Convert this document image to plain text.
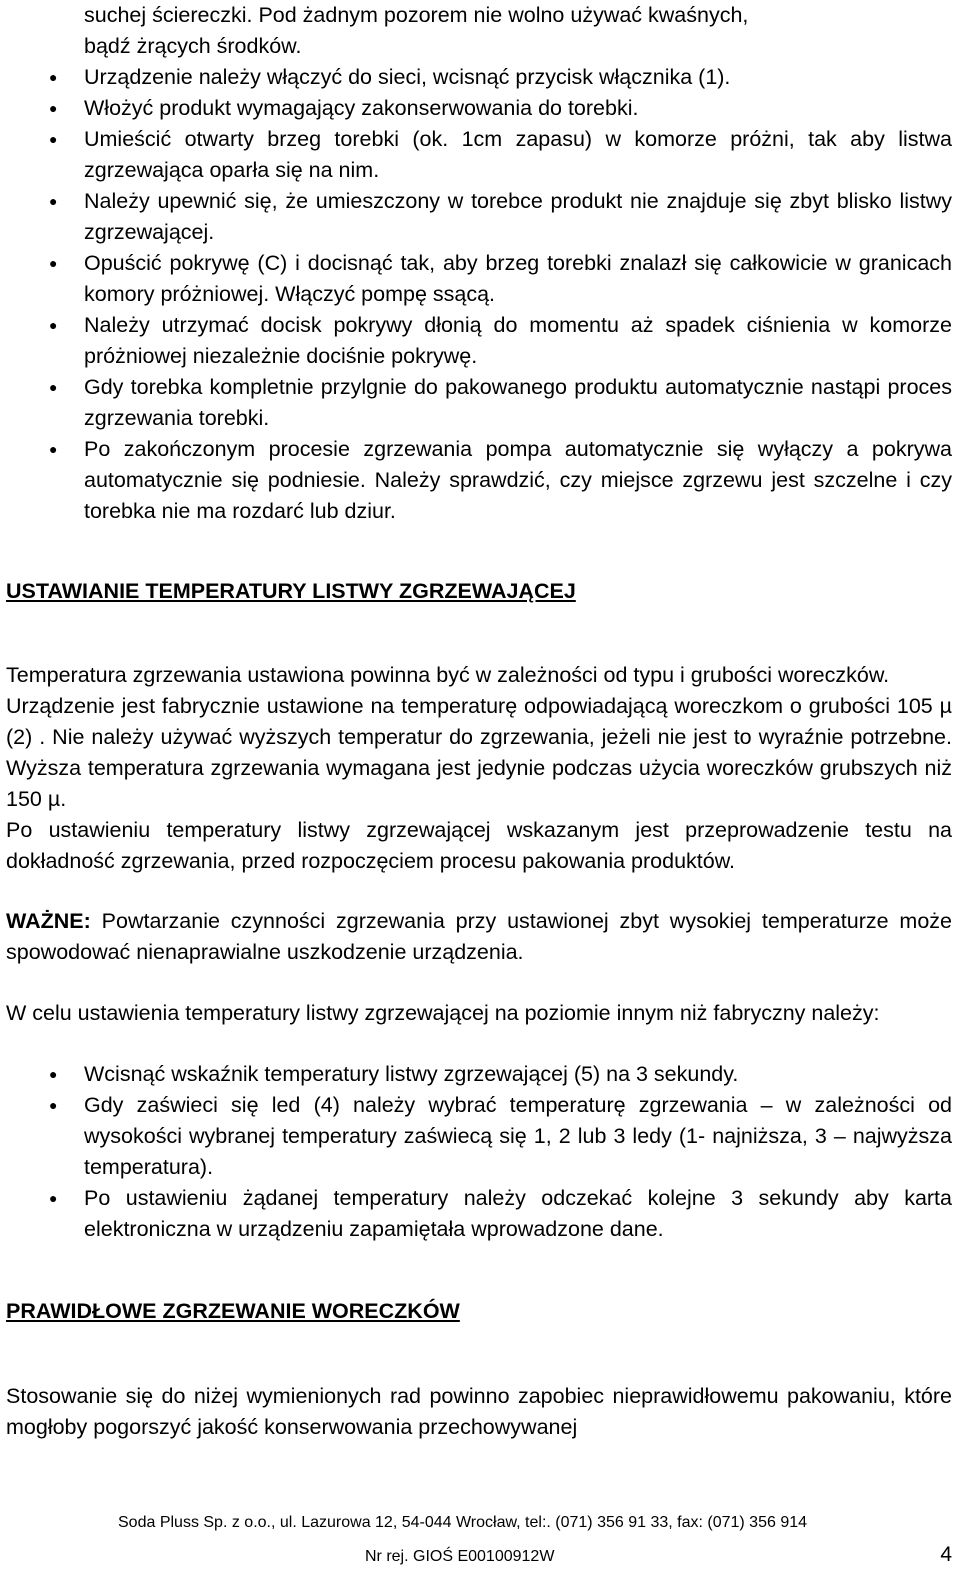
suchej ściereczki. Pod żadnym pozorem nie wolno używać kwaśnych,
bądź żrących środków.
● Urządzenie należy włączyć do sieci, wcisnąć przycisk włącznika (1).
● Włożyć produkt wymagający zakonserwowania do torebki.
● Umieścić otwarty brzeg torebki (ok. 1cm zapasu) w komorze próżni, tak aby listwa zgrzewająca oparła się na nim.
● Należy upewnić się, że umieszczony w torebce produkt nie znajduje się zbyt blisko listwy zgrzewającej.
● Opuścić pokrywę (C) i docisnąć tak, aby brzeg torebki znalazł się całkowicie w granicach komory próżniowej. Włączyć pompę ssącą.
● Należy utrzymać docisk pokrywy dłonią do momentu aż spadek ciśnienia w komorze próżniowej niezależnie dociśnie pokrywę.
● Gdy torebka kompletnie przylgnie do pakowanego produktu automatycznie nastąpi proces zgrzewania torebki.
● Po zakończonym procesie zgrzewania pompa automatycznie się wyłączy a pokrywa automatycznie się podniesie. Należy sprawdzić, czy miejsce zgrzewu jest szczelne i czy torebka nie ma rozdarć lub dziur.
USTAWIANIE TEMPERATURY LISTWY ZGRZEWAJĄCEJ

Temperatura zgrzewania ustawiona powinna być w zależności od typu i grubości woreczków.

Urządzenie jest fabrycznie ustawione na temperaturę odpowiadającą woreczkom o grubości 105 µ (2) . Nie należy używać wyższych temperatur do zgrzewania, jeżeli nie jest to wyraźnie potrzebne. Wyższa temperatura zgrzewania wymagana jest jedynie podczas użycia woreczków grubszych niż 150 µ.

Po ustawieniu temperatury listwy zgrzewającej wskazanym jest przeprowadzenie testu na dokładność zgrzewania, przed rozpoczęciem procesu pakowania produktów.

WAŻNE: Powtarzanie czynności zgrzewania przy ustawionej zbyt wysokiej temperaturze może spowodować nienaprawialne uszkodzenie urządzenia.

W celu ustawienia temperatury listwy zgrzewającej na poziomie innym niż fabryczny należy:

● Wcisnąć wskaźnik temperatury listwy zgrzewającej (5) na 3 sekundy.
● Gdy zaświeci się led (4) należy wybrać temperaturę zgrzewania – w zależności od wysokości wybranej temperatury zaświecą się 1, 2 lub 3 ledy (1- najniższa, 3 – najwyższa temperatura).
● Po ustawieniu żądanej temperatury należy odczekać kolejne 3 sekundy aby karta elektroniczna w urządzeniu zapamiętała wprowadzone dane.
PRAWIDŁOWE ZGRZEWANIE WORECZKÓW

Stosowanie się do niżej wymienionych rad powinno zapobiec nieprawidłowemu pakowaniu, które mogłoby pogorszyć jakość konserwowania przechowywanej

Soda Pluss Sp. z o.o., ul. Lazurowa 12, 54-044 Wrocław, tel:. (071) 356 91 33, fax: (071) 356 914
Nr rej. GIOŚ E00100912W	4
